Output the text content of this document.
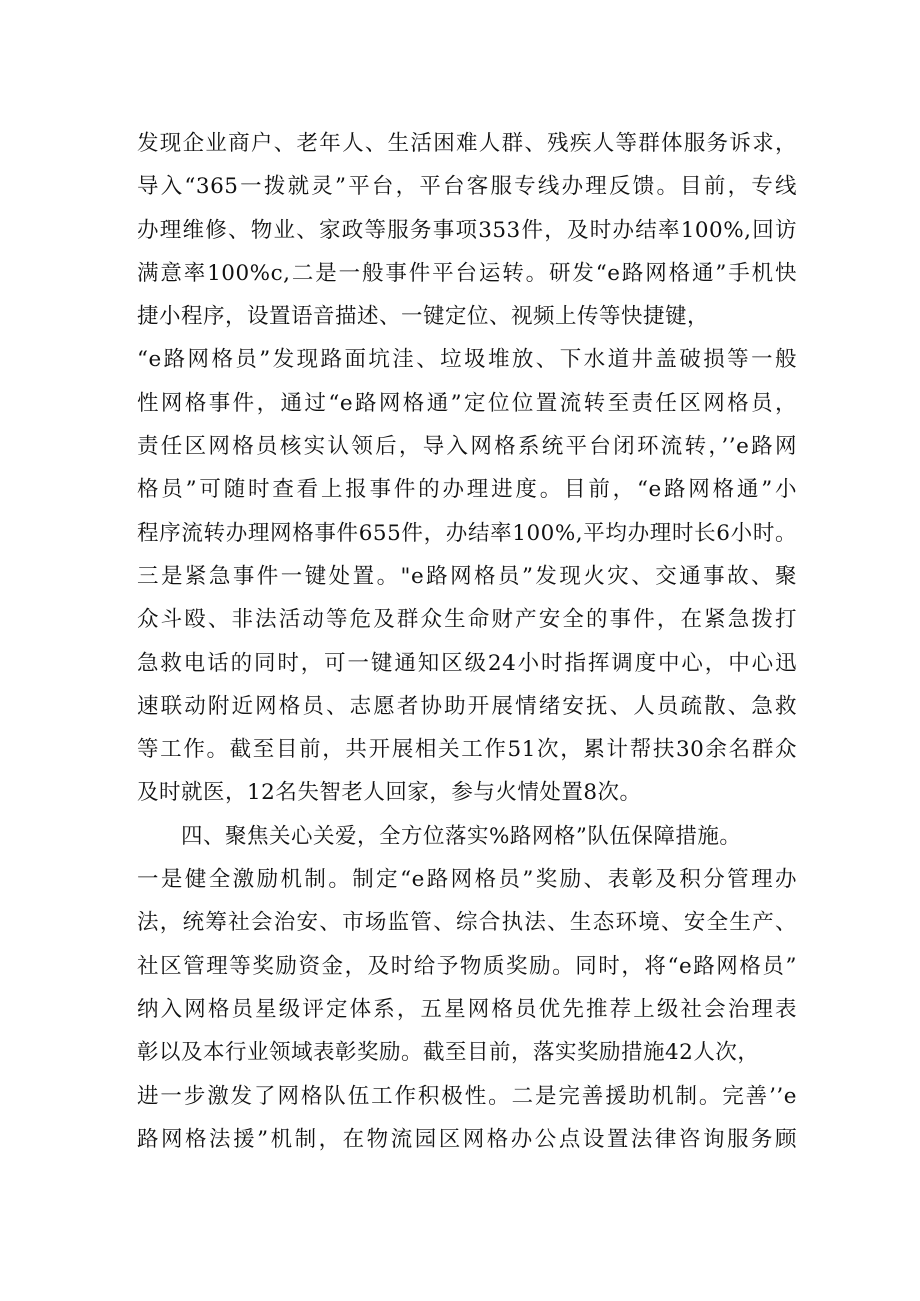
发现企业商户、老年人、生活困难人群、残疾人等群体服务诉求，
导入“365一拨就灵”平台，平台客服专线办理反馈。目前，专线
办理维修、物业、家政等服务事项353件，及时办结率100%,回访
满意率100%c,二是一般事件平台运转。研发“e路网格通”手机快
捷小程序，设置语音描述、一键定位、视频上传等快捷键，
“e路网格员”发现路面坑洼、垃圾堆放、下水道井盖破损等一般
性网格事件，通过“e路网格通”定位位置流转至责任区网格员，
责任区网格员核实认领后，导入网格系统平台闭环流转，’’e路网
格员”可随时查看上报事件的办理进度。目前，“e路网格通”小
程序流转办理网格事件655件，办结率100%,平均办理时长6小时。
三是紧急事件一键处置。"e路网格员”发现火灾、交通事故、聚
众斗殴、非法活动等危及群众生命财产安全的事件，在紧急拨打
急救电话的同时，可一键通知区级24小时指挥调度中心，中心迅
速联动附近网格员、志愿者协助开展情绪安抚、人员疏散、急救
等工作。截至目前，共开展相关工作51次，累计帮扶30余名群众
及时就医，12名失智老人回家，参与火情处置8次。
四、聚焦关心关爱，全方位落实%路网格”队伍保障措施。
一是健全激励机制。制定“e路网格员”奖励、表彰及积分管理办
法，统筹社会治安、市场监管、综合执法、生态环境、安全生产、
社区管理等奖励资金，及时给予物质奖励。同时，将“e路网格员”
纳入网格员星级评定体系，五星网格员优先推荐上级社会治理表
彰以及本行业领域表彰奖励。截至目前，落实奖励措施42人次，
进一步激发了网格队伍工作积极性。二是完善援助机制。完善’’e
路网格法援”机制，在物流园区网格办公点设置法律咨询服务顾
